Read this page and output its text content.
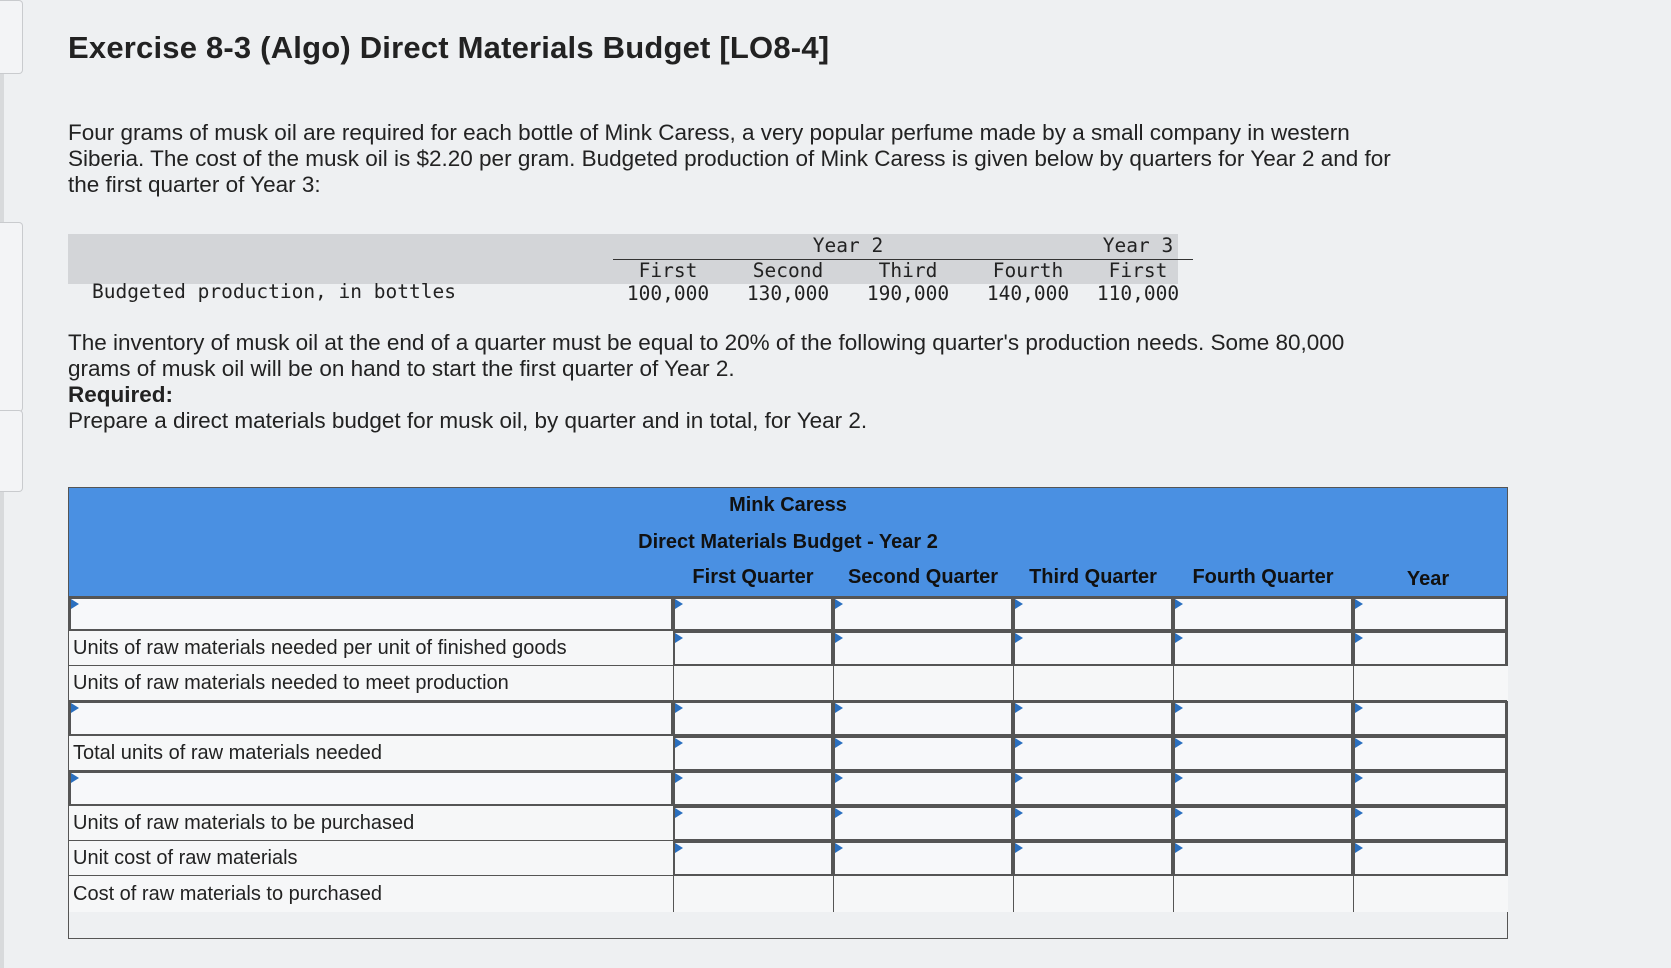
Exercise 8-3 (Algo) Direct Materials Budget [LO8-4]

Four grams of musk oil are required for each bottle of Mink Caress, a very popular perfume made by a small company in western
Siberia. The cost of the musk oil is $2.20 per gram. Budgeted production of Mink Caress is given below by quarters for Year 2 and for
the first quarter of Year 3:

Year 2	Year 3
First	Second	Third	Fourth	First
Budgeted production, in bottles	100,000	130,000	190,000	140,000	110,000

The inventory of musk oil at the end of a quarter must be equal to 20% of the following quarter's production needs. Some 80,000
grams of musk oil will be on hand to start the first quarter of Year 2.
Required:
Prepare a direct materials budget for musk oil, by quarter and in total, for Year 2.

Mink Caress
Direct Materials Budget - Year 2
First Quarter	Second Quarter	Third Quarter	Fourth Quarter	Year
Units of raw materials needed per unit of finished goods
Units of raw materials needed to meet production
Total units of raw materials needed
Units of raw materials to be purchased
Unit cost of raw materials
Cost of raw materials to purchased
